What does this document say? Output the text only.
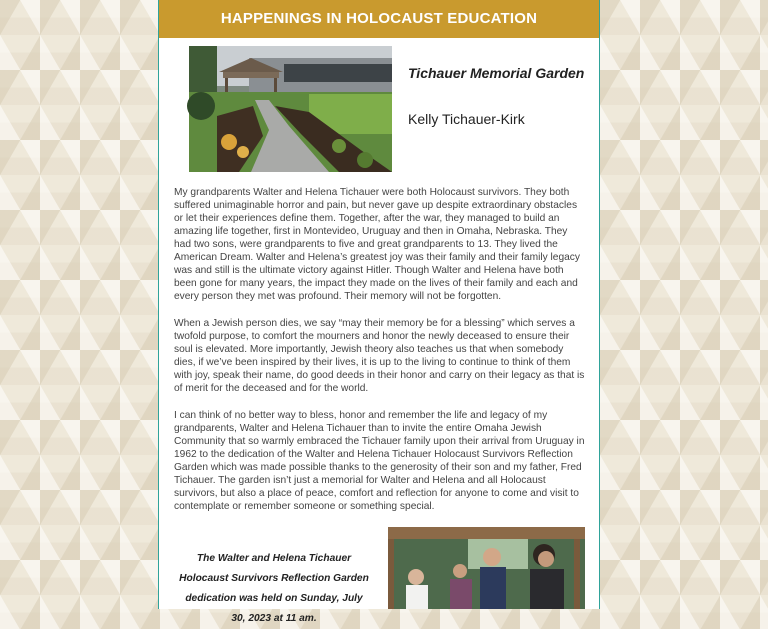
HAPPENINGS IN HOLOCAUST EDUCATION
Tichauer Memorial Garden
Kelly Tichauer-Kirk

My grandparents Walter and Helena Tichauer were both Holocaust survivors. They both suffered unimaginable horror and pain, but never gave up despite extraordinary obstacles or let their experiences define them. Together, after the war, they managed to build an amazing life together, first in Montevideo, Uruguay and then in Omaha, Nebraska. They had two sons, were grandparents to five and great grandparents to 13. They lived the American Dream. Walter and Helena’s greatest joy was their family and their family legacy was and still is the ultimate victory against Hitler. Though Walter and Helena have both been gone for many years, the impact they made on the lives of their family and each and every person they met was profound. Their memory will not be forgotten.

When a Jewish person dies, we say “may their memory be for a blessing” which serves a twofold purpose, to comfort the mourners and honor the newly deceased to ensure their soul is elevated. More importantly, Jewish theory also teaches us that when somebody dies, if we’ve been inspired by their lives, it is up to the living to continue to think of them with joy, speak their name, do good deeds in their honor and carry on their legacy as that is of merit for the deceased and for the world.

I can think of no better way to bless, honor and remember the life and legacy of my grandparents, Walter and Helena Tichauer than to invite the entire Omaha Jewish Community that so warmly embraced the Tichauer family upon their arrival from Uruguay in 1962 to the dedication of the Walter and Helena Tichauer Holocaust Survivors Reflection Garden which was made possible thanks to the generosity of their son and my father, Fred Tichauer. The garden isn’t just a memorial for Walter and Helena and all Holocaust survivors, but also a place of peace, comfort and reflection for anyone to come and visit to contemplate or remember someone or something special.

The Walter and Helena Tichauer Holocaust Survivors Reflection Garden dedication was held on Sunday, July 30, 2023 at 11 am.
